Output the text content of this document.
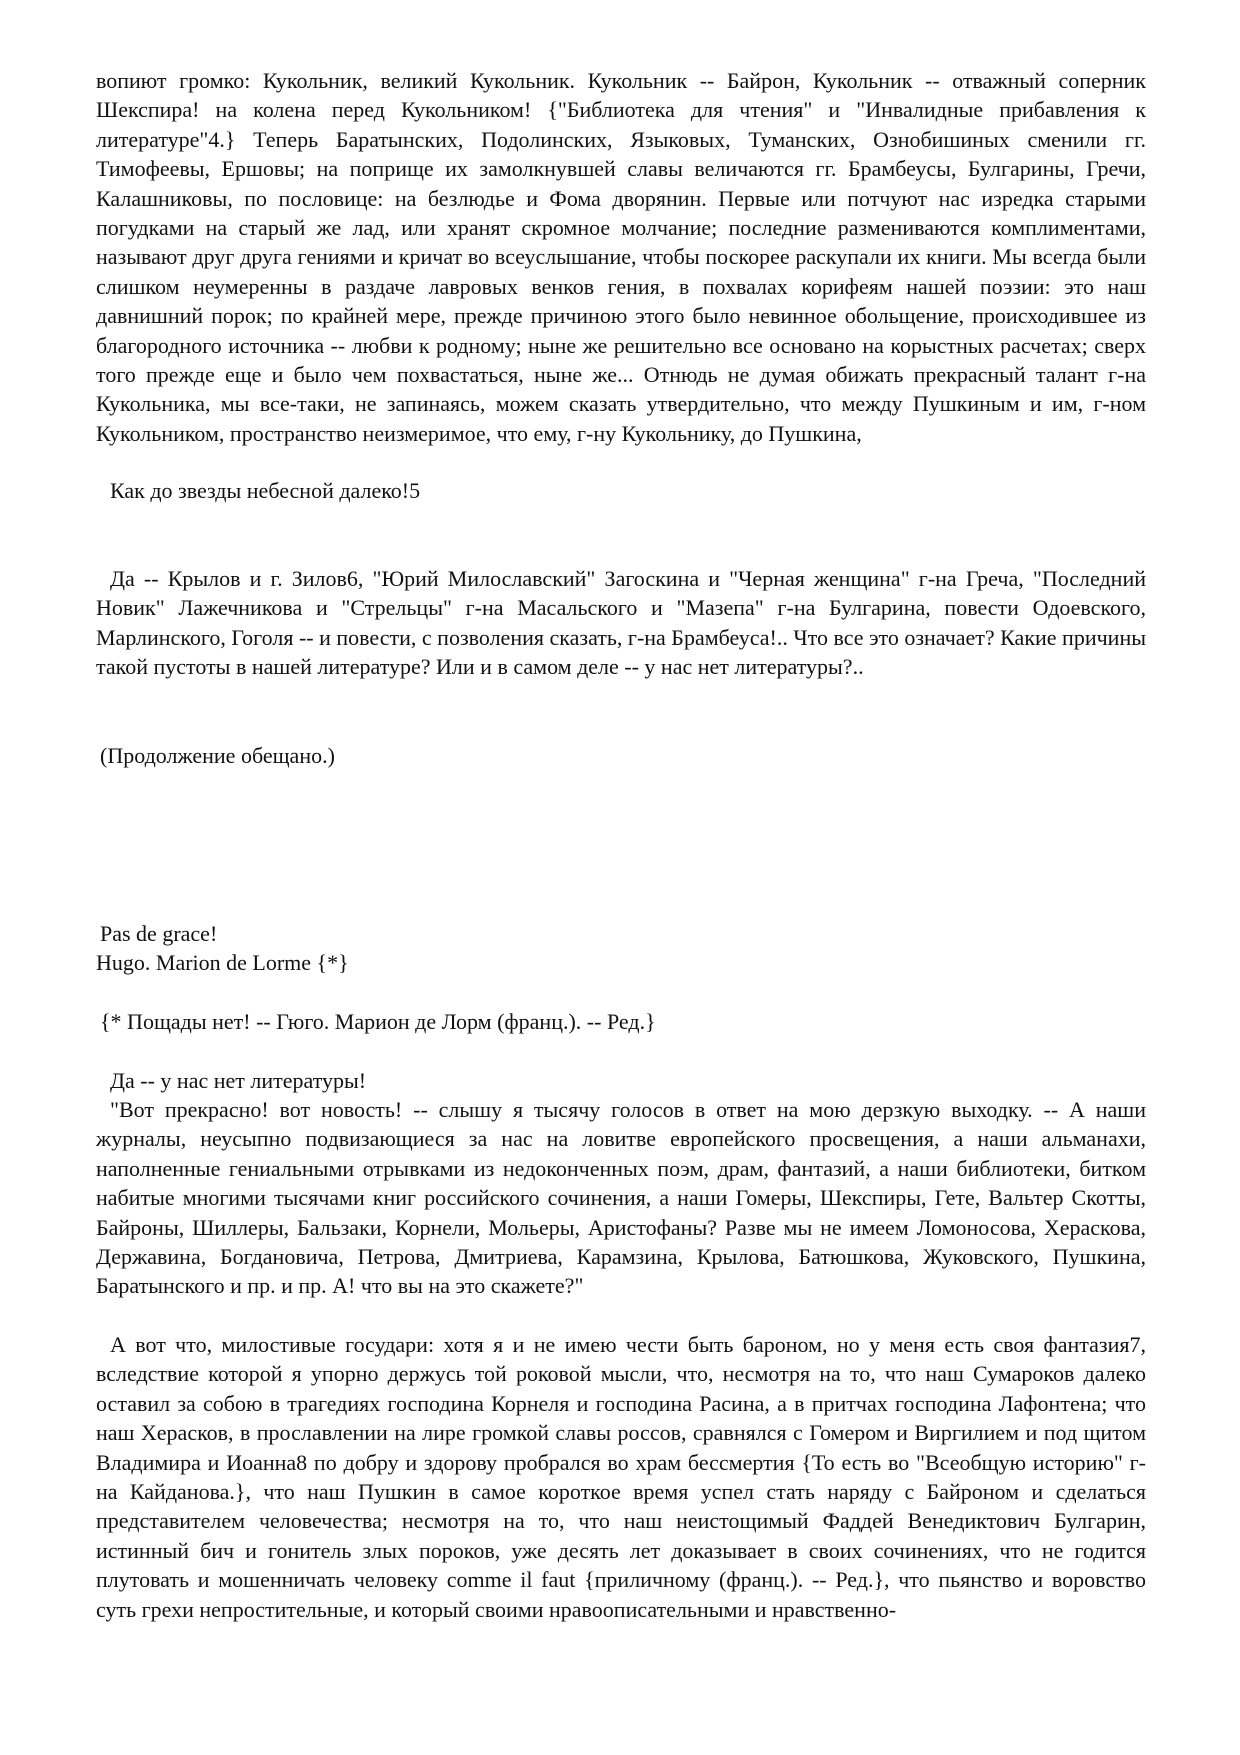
вопиют громко: Кукольник, великий Кукольник. Кукольник -- Байрон, Кукольник -- отважный соперник Шекспира! на колена перед Кукольником! {"Библиотека для чтения" и "Инвалидные прибавления к литературе"4.} Теперь Баратынских, Подолинских, Языковых, Туманских, Ознобишиных сменили гг. Тимофеевы, Ершовы; на поприще их замолкнувшей славы величаются гг. Брамбеусы, Булгарины, Гречи, Калашниковы, по пословице: на безлюдье и Фома дворянин. Первые или потчуют нас изредка старыми погудками на старый же лад, или хранят скромное молчание; последние размениваются комплиментами, называют друг друга гениями и кричат во всеуслышание, чтобы поскорее раскупали их книги. Мы всегда были слишком неумеренны в раздаче лавровых венков гения, в похвалах корифеям нашей поэзии: это наш давнишний порок; по крайней мере, прежде причиною этого было невинное обольщение, происходившее из благородного источника -- любви к родному; ныне же решительно все основано на корыстных расчетах; сверх того прежде еще и было чем похвастаться, ныне же... Отнюдь не думая обижать прекрасный талант г-на Кукольника, мы все-таки, не запинаясь, можем сказать утвердительно, что между Пушкиным и им, г-ном Кукольником, пространство неизмеримое, что ему, г-ну Кукольнику, до Пушкина,

Как до звезды небесной далеко!5

Да -- Крылов и г. Зилов6, "Юрий Милославский" Загоскина и "Черная женщина" г-на Греча, "Последний Новик" Лажечникова и "Стрельцы" г-на Масальского и "Мазепа" г-на Булгарина, повести Одоевского, Марлинского, Гоголя -- и повести, с позволения сказать, г-на Брамбеуса!.. Что все это означает? Какие причины такой пустоты в нашей литературе? Или и в самом деле -- у нас нет литературы?..

(Продолжение обещано.)

Pas de grace!
Hugo. Marion de Lorme {*}

{* Пощады нет! -- Гюго. Марион де Лорм (франц.). -- Ред.}

Да -- у нас нет литературы!

"Вот прекрасно! вот новость! -- слышу я тысячу голосов в ответ на мою дерзкую выходку. -- А наши журналы, неусыпно подвизающиеся за нас на ловитве европейского просвещения, а наши альманахи, наполненные гениальными отрывками из недоконченных поэм, драм, фантазий, а наши библиотеки, битком набитые многими тысячами книг российского сочинения, а наши Гомеры, Шекспиры, Гете, Вальтер Скотты, Байроны, Шиллеры, Бальзаки, Корнели, Мольеры, Аристофаны? Разве мы не имеем Ломоносова, Хераскова, Державина, Богдановича, Петрова, Дмитриева, Карамзина, Крылова, Батюшкова, Жуковского, Пушкина, Баратынского и пр. и пр. А! что вы на это скажете?"

А вот что, милостивые государи: хотя я и не имею чести быть бароном, но у меня есть своя фантазия7, вследствие которой я упорно держусь той роковой мысли, что, несмотря на то, что наш Сумароков далеко оставил за собою в трагедиях господина Корнеля и господина Расина, а в притчах господина Лафонтена; что наш Херасков, в прославлении на лире громкой славы россов, сравнялся с Гомером и Виргилием и под щитом Владимира и Иоанна8 по добру и здорову пробрался во храм бессмертия {То есть во "Всеобщую историю" г-на Кайданова.}, что наш Пушкин в самое короткое время успел стать наряду с Байроном и сделаться представителем человечества; несмотря на то, что наш неистощимый Фаддей Венедиктович Булгарин, истинный бич и гонитель злых пороков, уже десять лет доказывает в своих сочинениях, что не годится плутовать и мошенничать человеку comme il faut {приличному (франц.). -- Ред.}, что пьянство и воровство суть грехи непростительные, и который своими нравоописательными и нравственно-
